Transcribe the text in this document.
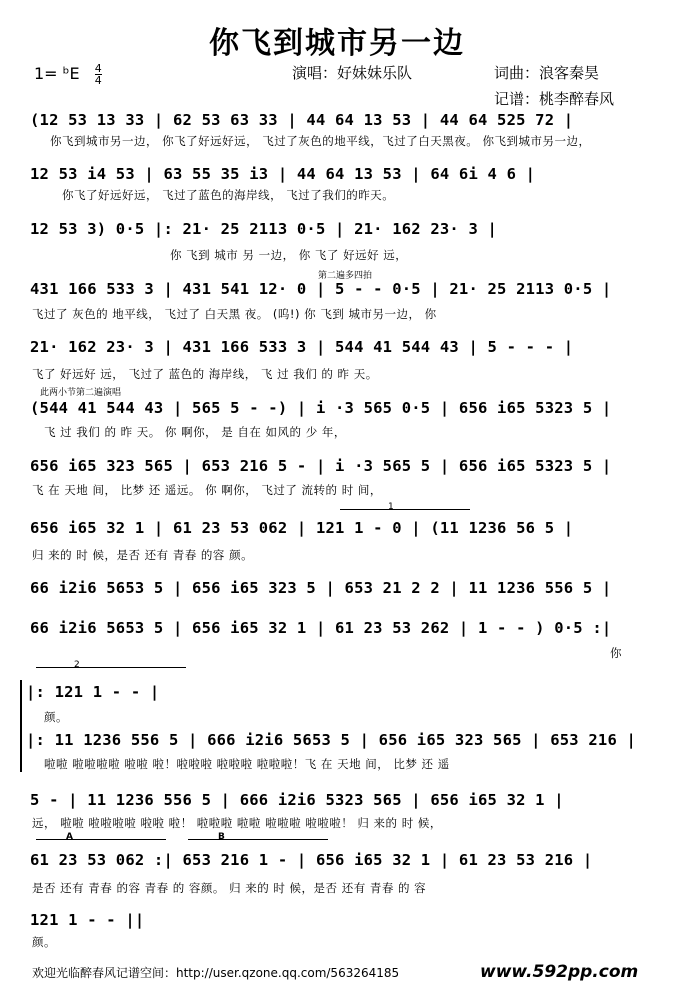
你飞到城市另一边
1= ᵇE $\frac{4}{4}$	演唱：好妹妹乐队	词曲：浪客秦昊
记谱：桃李醉春风
(12 53 13 33 | 62 53 63 33 | 44 64 13 53 | 44 64 525 72 |
你飞到城市另一边， 你飞了好远好远， 飞过了灰色的地平线，飞过了白天黑夜。 你飞到城市另一边，
12 53 i4 53 | 63 55 35 i3 | 44 64 13 53 | 64 6i 4 6 |
你飞了好远好远， 飞过了蓝色的海岸线， 飞过了我们的昨天。
12 53 3) 0·5 |: 21· 25 2113 0·5 | 21· 162 23· 3 |
你 飞到 城市 另 一边， 你 飞了 好远好 远，
第二遍多四拍
431 166 533 3 | 431 541 12· 0 | 5 - - 0·5 | 21· 25 2113 0·5 |
飞过了 灰色的 地平线， 飞过了 白天黑 夜。 (呜!) 你 飞到 城市另一边， 你
21· 162 23· 3 | 431 166 533 3 | 544 41 544 43 | 5 - - - |
飞了 好远好 远， 飞过了 蓝色的 海岸线， 飞 过 我们 的 昨 天。
此两小节第二遍演唱
(544 41 544 43 | 565 5 - -) | i ·3 565 0·5 | 656 i65 5323 5 |
飞 过 我们 的 昨 天。 你 啊你， 是 自在 如风的 少 年，
656 i65 323 565 | 653 216 5 - | i ·3 565 5 | 656 i65 5323 5 |
飞 在 天地 间， 比梦 还 遥远。 你 啊你， 飞过了 流转的 时 间，
1
656 i65 32 1 | 61 23 53 062 | 121 1 - 0 | (11 1236 56 5 |
归 来的 时 候，是否 还有 青春 的容 颜。
66 i2i6 5653 5 | 656 i65 323 5 | 653 21 2 2 | 11 1236 556 5 |
66 i2i6 5653 5 | 656 i65 32 1 | 61 23 53 262 | 1 - - ) 0·5 :|
你
2
|: 121 1 - - |
颜。
|: 11 1236 556 5 | 666 i2i6 5653 5 | 656 i65 323 565 | 653 216 |
啦啦 啦啦啦啦 啦啦 啦！啦啦啦 啦啦啦 啦啦啦！飞 在 天地 间， 比梦 还 遥
5 - | 11 1236 556 5 | 666 i2i6 5323 565 | 656 i65 32 1 |
远， 啦啦 啦啦啦啦 啦啦 啦！ 啦啦啦 啦啦 啦啦啦 啦啦啦！ 归 来的 时 候，
A	B
61 23 53 062 :| 653 216 1 - | 656 i65 32 1 | 61 23 53 216 |
是否 还有 青春 的容 青春 的 容颜。 归 来的 时 候，是否 还有 青春 的 容
121 1 - - ||
颜。
欢迎光临醉春风记谱空间：http://user.qzone.qq.com/563264185	www.592pp.com
